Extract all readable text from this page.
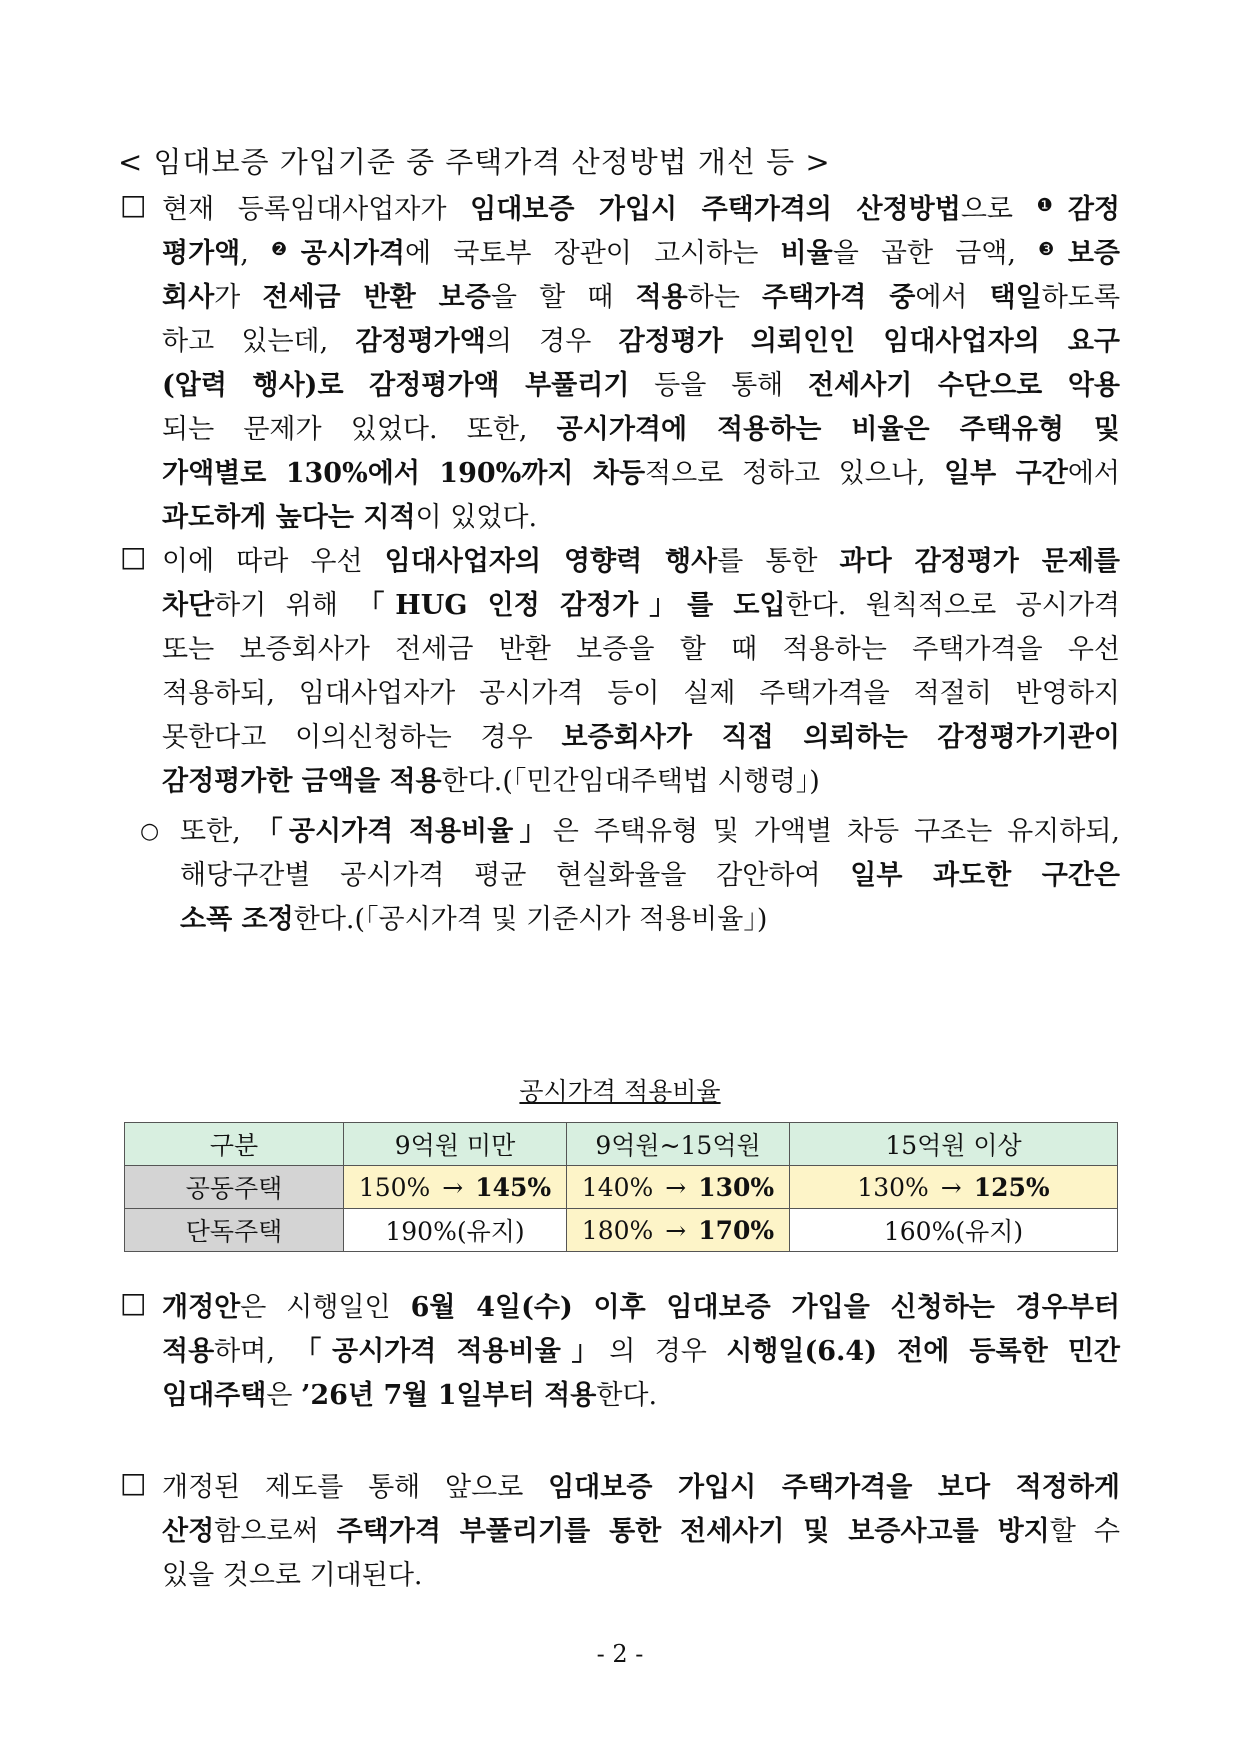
< 임대보증 가입기준 중 주택가격 산정방법 개선 등 >
□ 현재 등록임대사업자가 임대보증 가입시 주택가격의 산정방법으로 $^❶$감정
평가액, $^❷$공시가격에 국토부 장관이 고시하는 비율을 곱한 금액, $^❸$보증
회사가 전세금 반환 보증을 할 때 적용하는 주택가격 중에서 택일하도록
하고 있는데, 감정평가액의 경우 감정평가 의뢰인인 임대사업자의 요구
(압력 행사)로 감정평가액 부풀리기 등을 통해 전세사기 수단으로 악용
되는 문제가 있었다. 또한, 공시가격에 적용하는 비율은 주택유형 및
가액별로 130%에서 190%까지 차등적으로 정하고 있으나, 일부 구간에서
과도하게 높다는 지적이 있었다.
□ 이에 따라 우선 임대사업자의 영향력 행사를 통한 과다 감정평가 문제를
차단하기 위해 「HUG 인정 감정가」를 도입한다. 원칙적으로 공시가격
또는 보증회사가 전세금 반환 보증을 할 때 적용하는 주택가격을 우선
적용하되, 임대사업자가 공시가격 등이 실제 주택가격을 적절히 반영하지
못한다고 이의신청하는 경우 보증회사가 직접 의뢰하는 감정평가기관이
감정평가한 금액을 적용한다.(「민간임대주택법 시행령」)
○ 또한, 「공시가격 적용비율」은 주택유형 및 가액별 차등 구조는 유지하되,
해당구간별 공시가격 평균 현실화율을 감안하여 일부 과도한 구간은
소폭 조정한다.(「공시가격 및 기준시가 적용비율」)
공시가격 적용비율
구분	9억원 미만	9억원~15억원	15억원 이상
공동주택	150% → 145%	140% → 130%	130% → 125%
단독주택	190%(유지)	180% → 170%	160%(유지)
□ 개정안은 시행일인 6월 4일(수) 이후 임대보증 가입을 신청하는 경우부터
적용하며, 「공시가격 적용비율」의 경우 시행일(6.4) 전에 등록한 민간
임대주택은 ’26년 7월 1일부터 적용한다.
□ 개정된 제도를 통해 앞으로 임대보증 가입시 주택가격을 보다 적정하게
산정함으로써 주택가격 부풀리기를 통한 전세사기 및 보증사고를 방지할 수
있을 것으로 기대된다.
- 2 -
